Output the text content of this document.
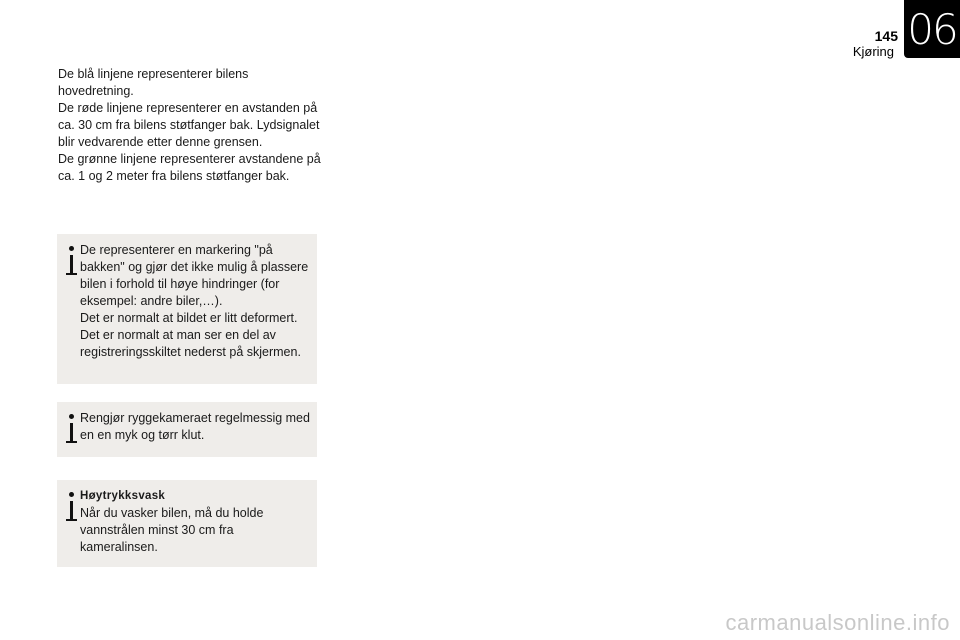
145
Kjøring 06

De blå linjene representerer bilens hovedretning.

De røde linjene representerer en avstanden på ca. 30 cm fra bilens støtfanger bak. Lydsignalet blir vedvarende etter denne grensen.

De grønne linjene representerer avstandene på ca. 1 og 2 meter fra bilens støtfanger bak.

De representerer en markering "på bakken" og gjør det ikke mulig å plassere bilen i forhold til høye hindringer (for eksempel: andre biler,…).

Det er normalt at bildet er litt deformert.

Det er normalt at man ser en del av registreringsskiltet nederst på skjermen.

Rengjør ryggekameraet regelmessig med en en myk og tørr klut.

Høytrykksvask

Når du vasker bilen, må du holde vannstrålen minst 30 cm fra kameralinsen.

carmanualsonline.info
